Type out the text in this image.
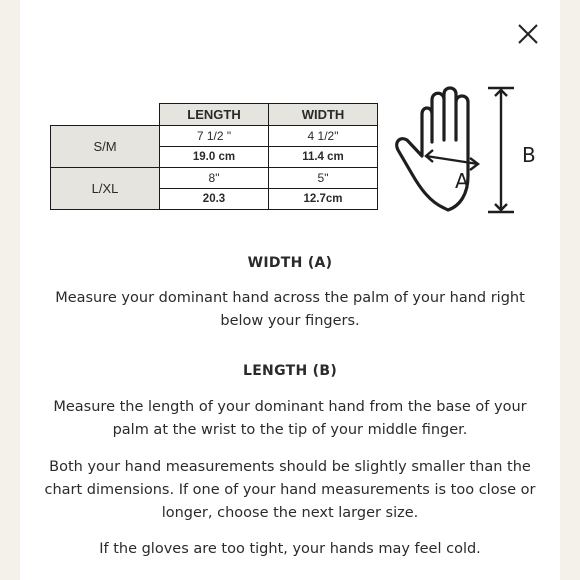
	LENGTH	WIDTH
S/M	7 1/2 "	4 1/2"
	19.0 cm	11.4 cm
L/XL	8"	5"
	20.3	12.7cm
A
B
WIDTH (A)
Measure your dominant hand across the palm of your hand right below your fingers.
LENGTH (B)
Measure the length of your dominant hand from the base of your palm at the wrist to the tip of your middle finger.
Both your hand measurements should be slightly smaller than the chart dimensions. If one of your hand measurements is too close or longer, choose the next larger size.
If the gloves are too tight, your hands may feel cold.
